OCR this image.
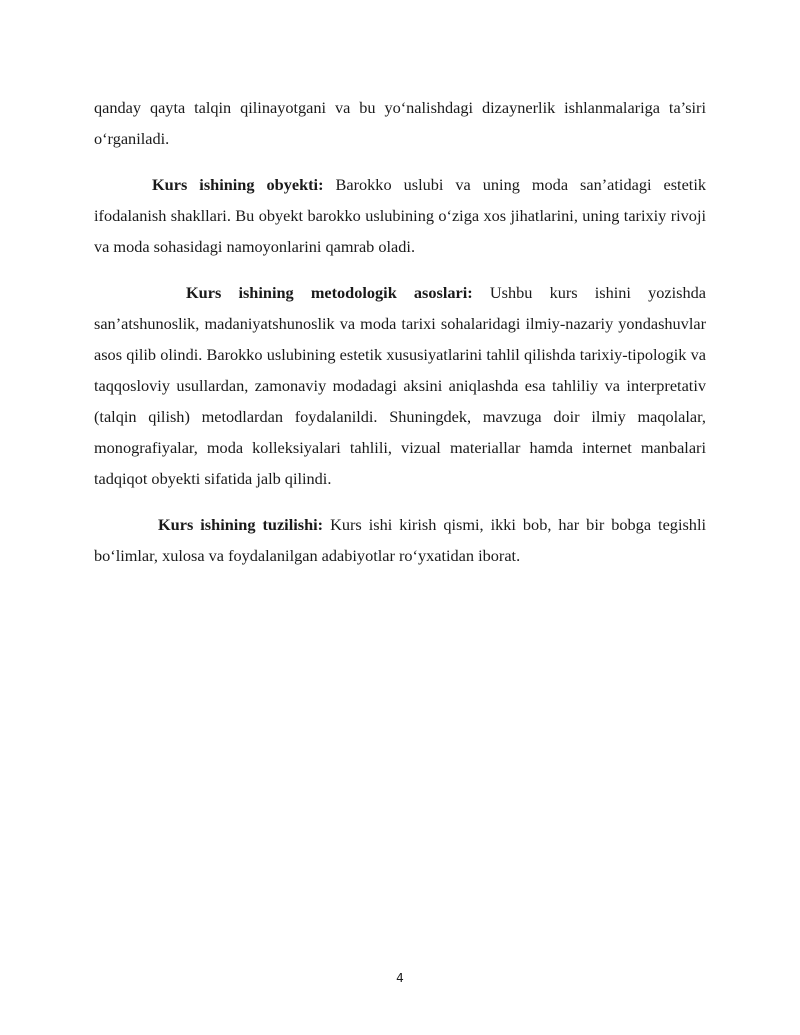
qanday qayta talqin qilinayotgani va bu yo‘nalishdagi dizaynerlik ishlanmalariga ta’siri o‘rganiladi.

Kurs ishining obyekti: Barokko uslubi va uning moda san’atidagi estetik ifodalanish shakllari. Bu obyekt barokko uslubining o‘ziga xos jihatlarini, uning tarixiy rivoji va moda sohasidagi namoyonlarini qamrab oladi.

Kurs ishining metodologik asoslari: Ushbu kurs ishini yozishda san’atshunoslik, madaniyatshunoslik va moda tarixi sohalaridagi ilmiy-nazariy yondashuvlar asos qilib olindi. Barokko uslubining estetik xususiyatlarini tahlil qilishda tarixiy-tipologik va taqqosloviy usullardan, zamonaviy modadagi aksini aniqlashda esa tahliliy va interpretativ (talqin qilish) metodlardan foydalanildi. Shuningdek, mavzuga doir ilmiy maqolalar, monografiyalar, moda kolleksiyalari tahlili, vizual materiallar hamda internet manbalari tadqiqot obyekti sifatida jalb qilindi.

Kurs ishining tuzilishi: Kurs ishi kirish qismi, ikki bob, har bir bobga tegishli bo‘limlar, xulosa va foydalanilgan adabiyotlar ro‘yxatidan iborat.

4
